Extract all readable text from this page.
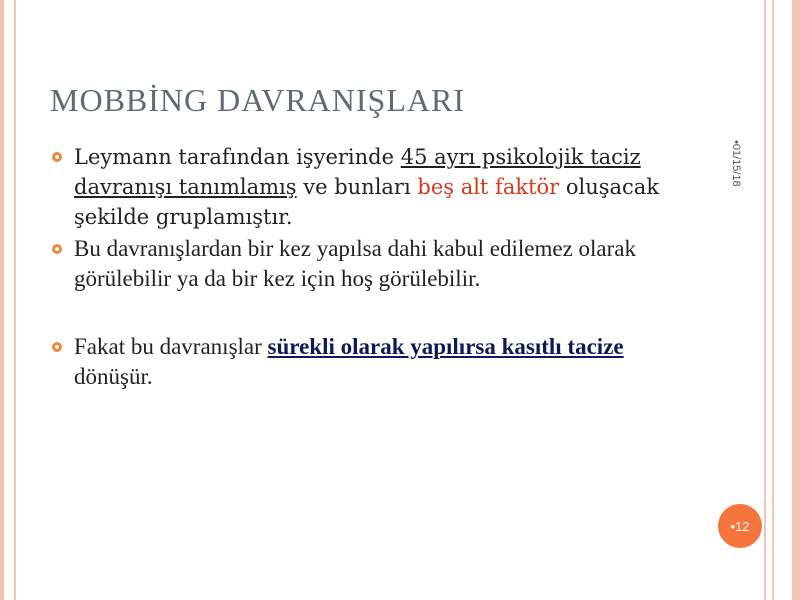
MOBBİNG DAVRANIŞLARI
•01/15/18
Leymann tarafından işyerinde 45 ayrı psikolojik taciz davranışı tanımlamış ve bunları beş alt faktör oluşacak şekilde gruplamıştır.
Bu davranışlardan bir kez yapılsa dahi kabul edilemez olarak görülebilir ya da bir kez için hoş görülebilir.
Fakat bu davranışlar sürekli olarak yapılırsa kasıtlı tacize dönüşür.
• 12
